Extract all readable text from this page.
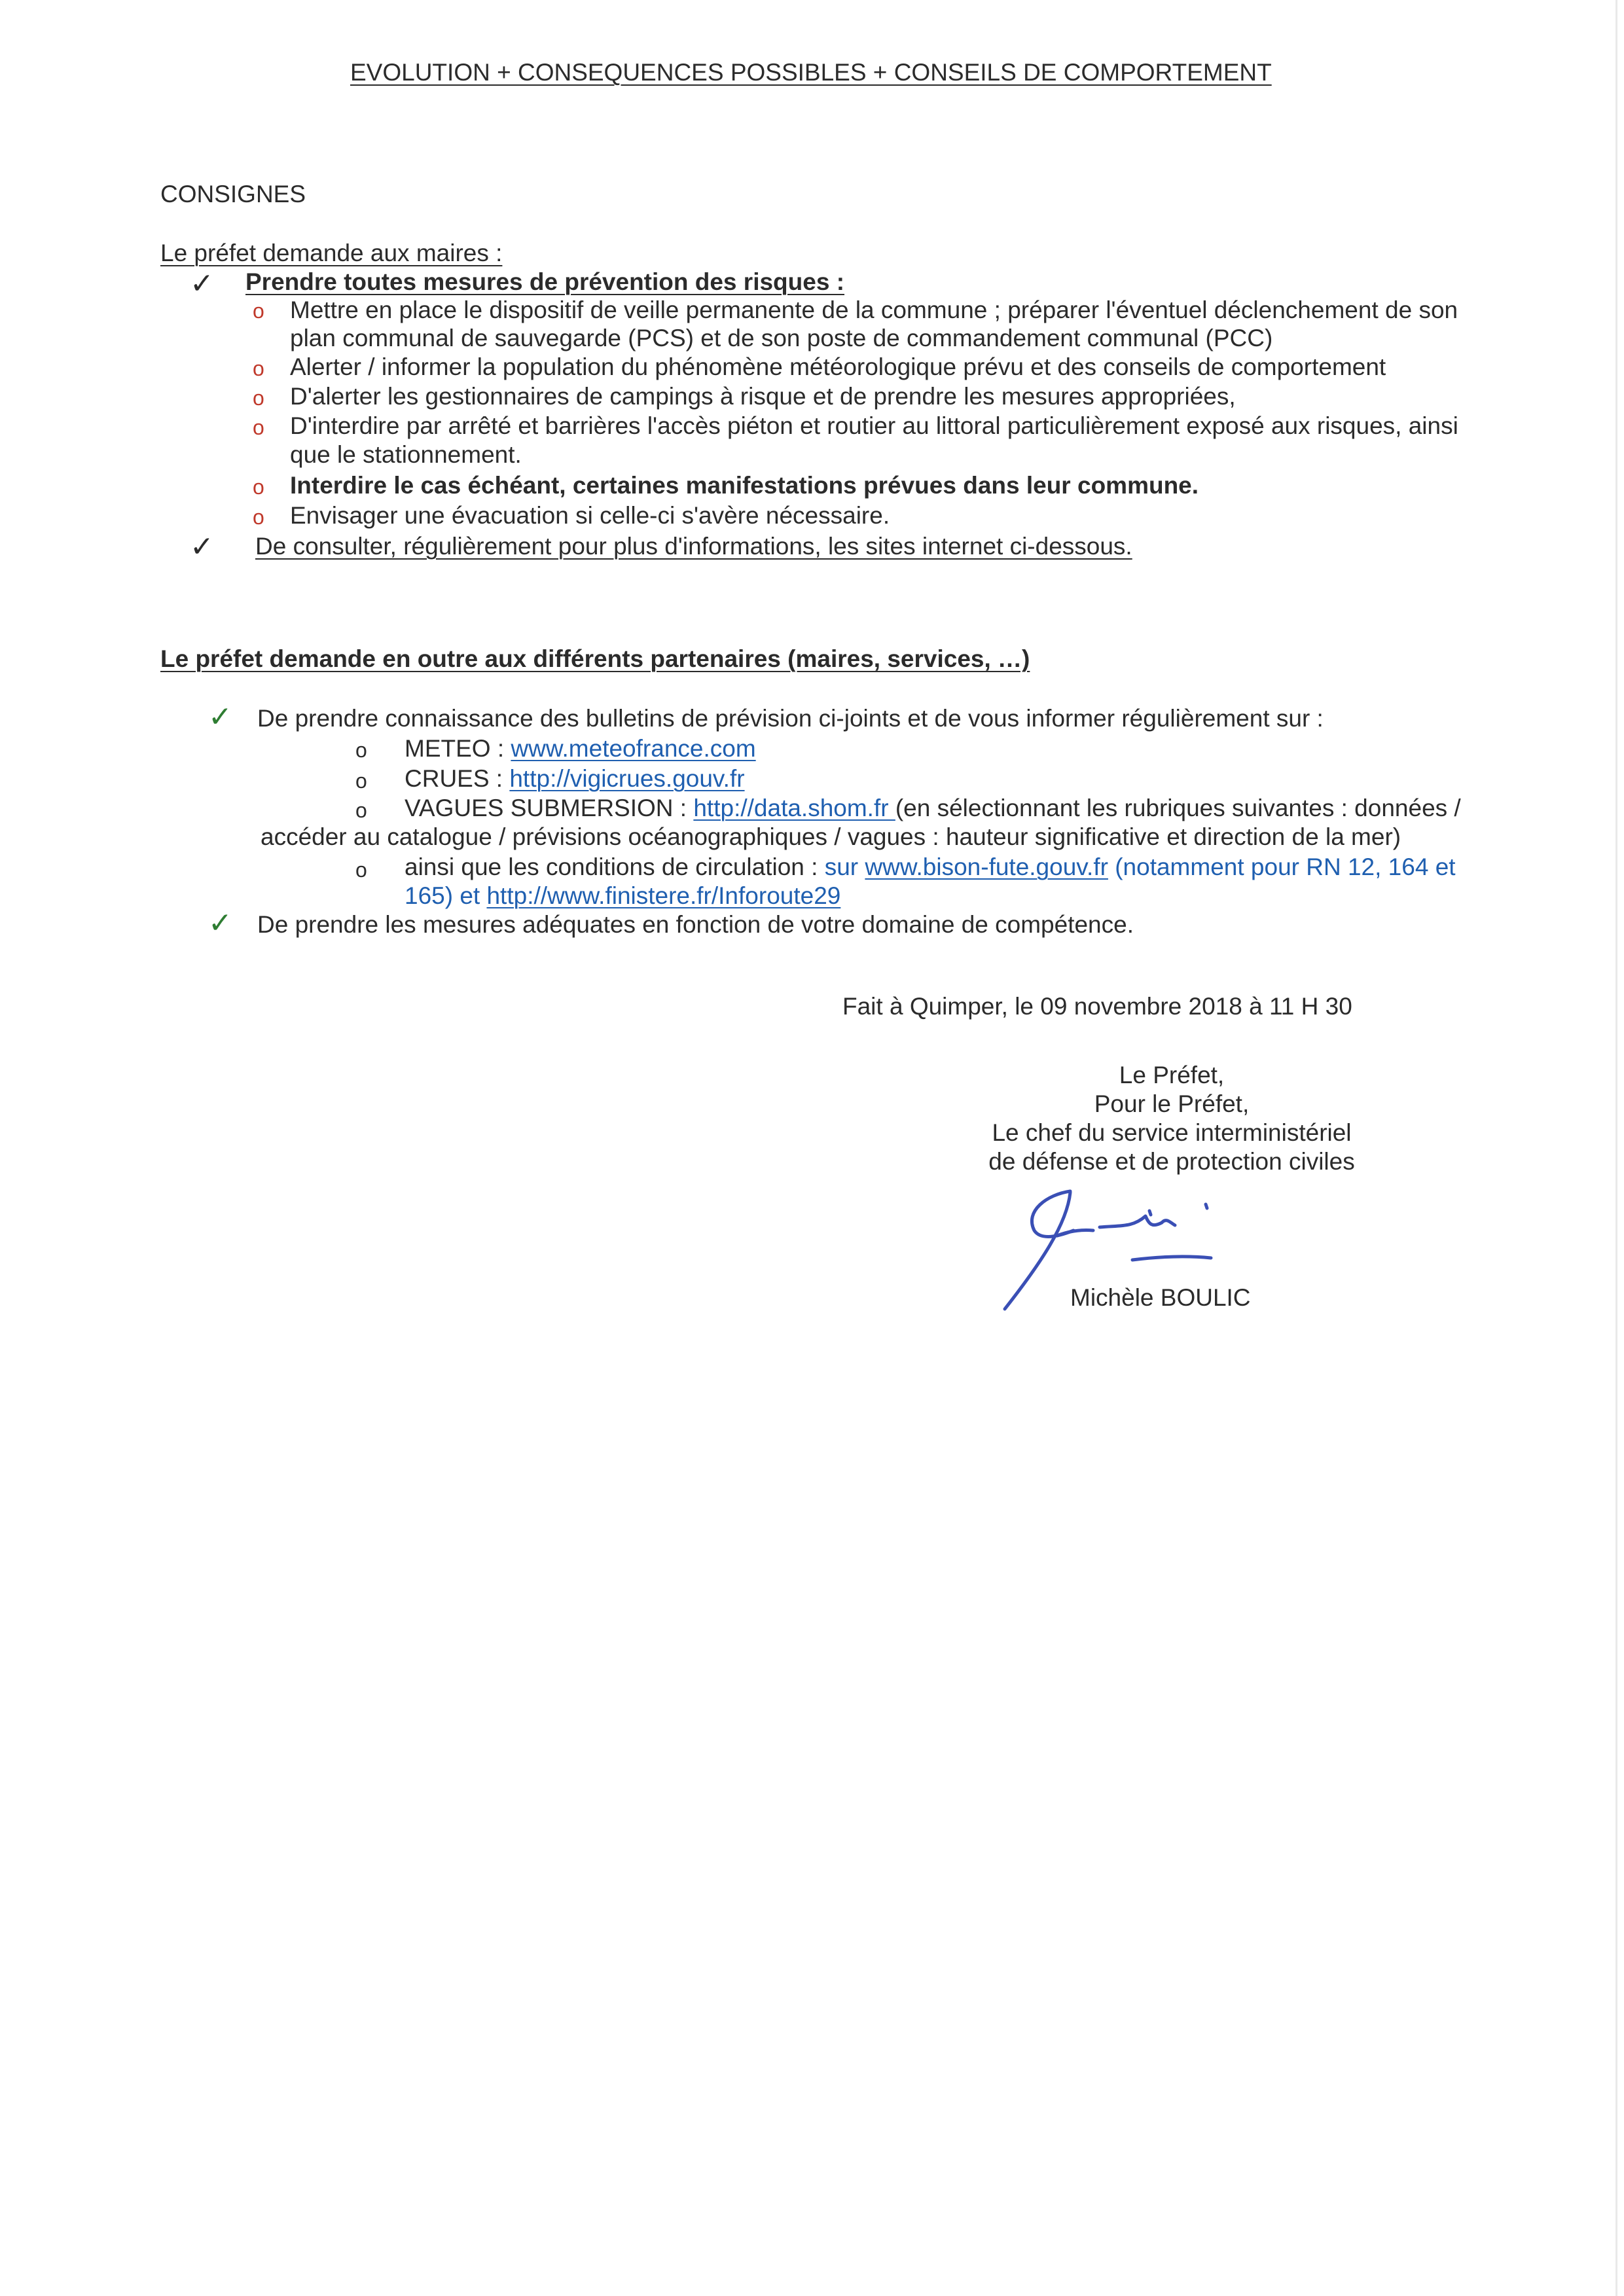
EVOLUTION + CONSEQUENCES POSSIBLES + CONSEILS DE COMPORTEMENT
CONSIGNES
Le préfet demande aux maires :
✓ Prendre toutes mesures de prévention des risques :
o Mettre en place le dispositif de veille permanente de la commune ; préparer l'éventuel déclenchement de son
plan communal de sauvegarde (PCS) et de son poste de commandement communal (PCC)
o Alerter / informer la population du phénomène météorologique prévu et des conseils de comportement
o D'alerter les gestionnaires de campings à risque et de prendre les mesures appropriées,
o D'interdire par arrêté et barrières l'accès piéton et routier au littoral particulièrement exposé aux risques, ainsi
que le stationnement.
o Interdire le cas échéant, certaines manifestations prévues dans leur commune.
o Envisager une évacuation si celle-ci s'avère nécessaire.
✓ De consulter, régulièrement pour plus d'informations, les sites internet ci-dessous.
Le préfet demande en outre aux différents partenaires (maires, services, …)
✓ De prendre connaissance des bulletins de prévision ci-joints et de vous informer régulièrement sur :
o METEO : www.meteofrance.com
o CRUES : http://vigicrues.gouv.fr
o VAGUES SUBMERSION : http://data.shom.fr (en sélectionnant les rubriques suivantes : données /
accéder au catalogue / prévisions océanographiques / vagues : hauteur significative et direction de la mer)
o ainsi que les conditions de circulation : sur www.bison-fute.gouv.fr (notamment pour RN 12, 164 et
165) et http://www.finistere.fr/Inforoute29
✓ De prendre les mesures adéquates en fonction de votre domaine de compétence.
Fait à Quimper, le 09 novembre 2018 à 11 H 30
Le Préfet,
Pour le Préfet,
Le chef du service interministériel
de défense et de protection civiles
Michèle BOULIC
